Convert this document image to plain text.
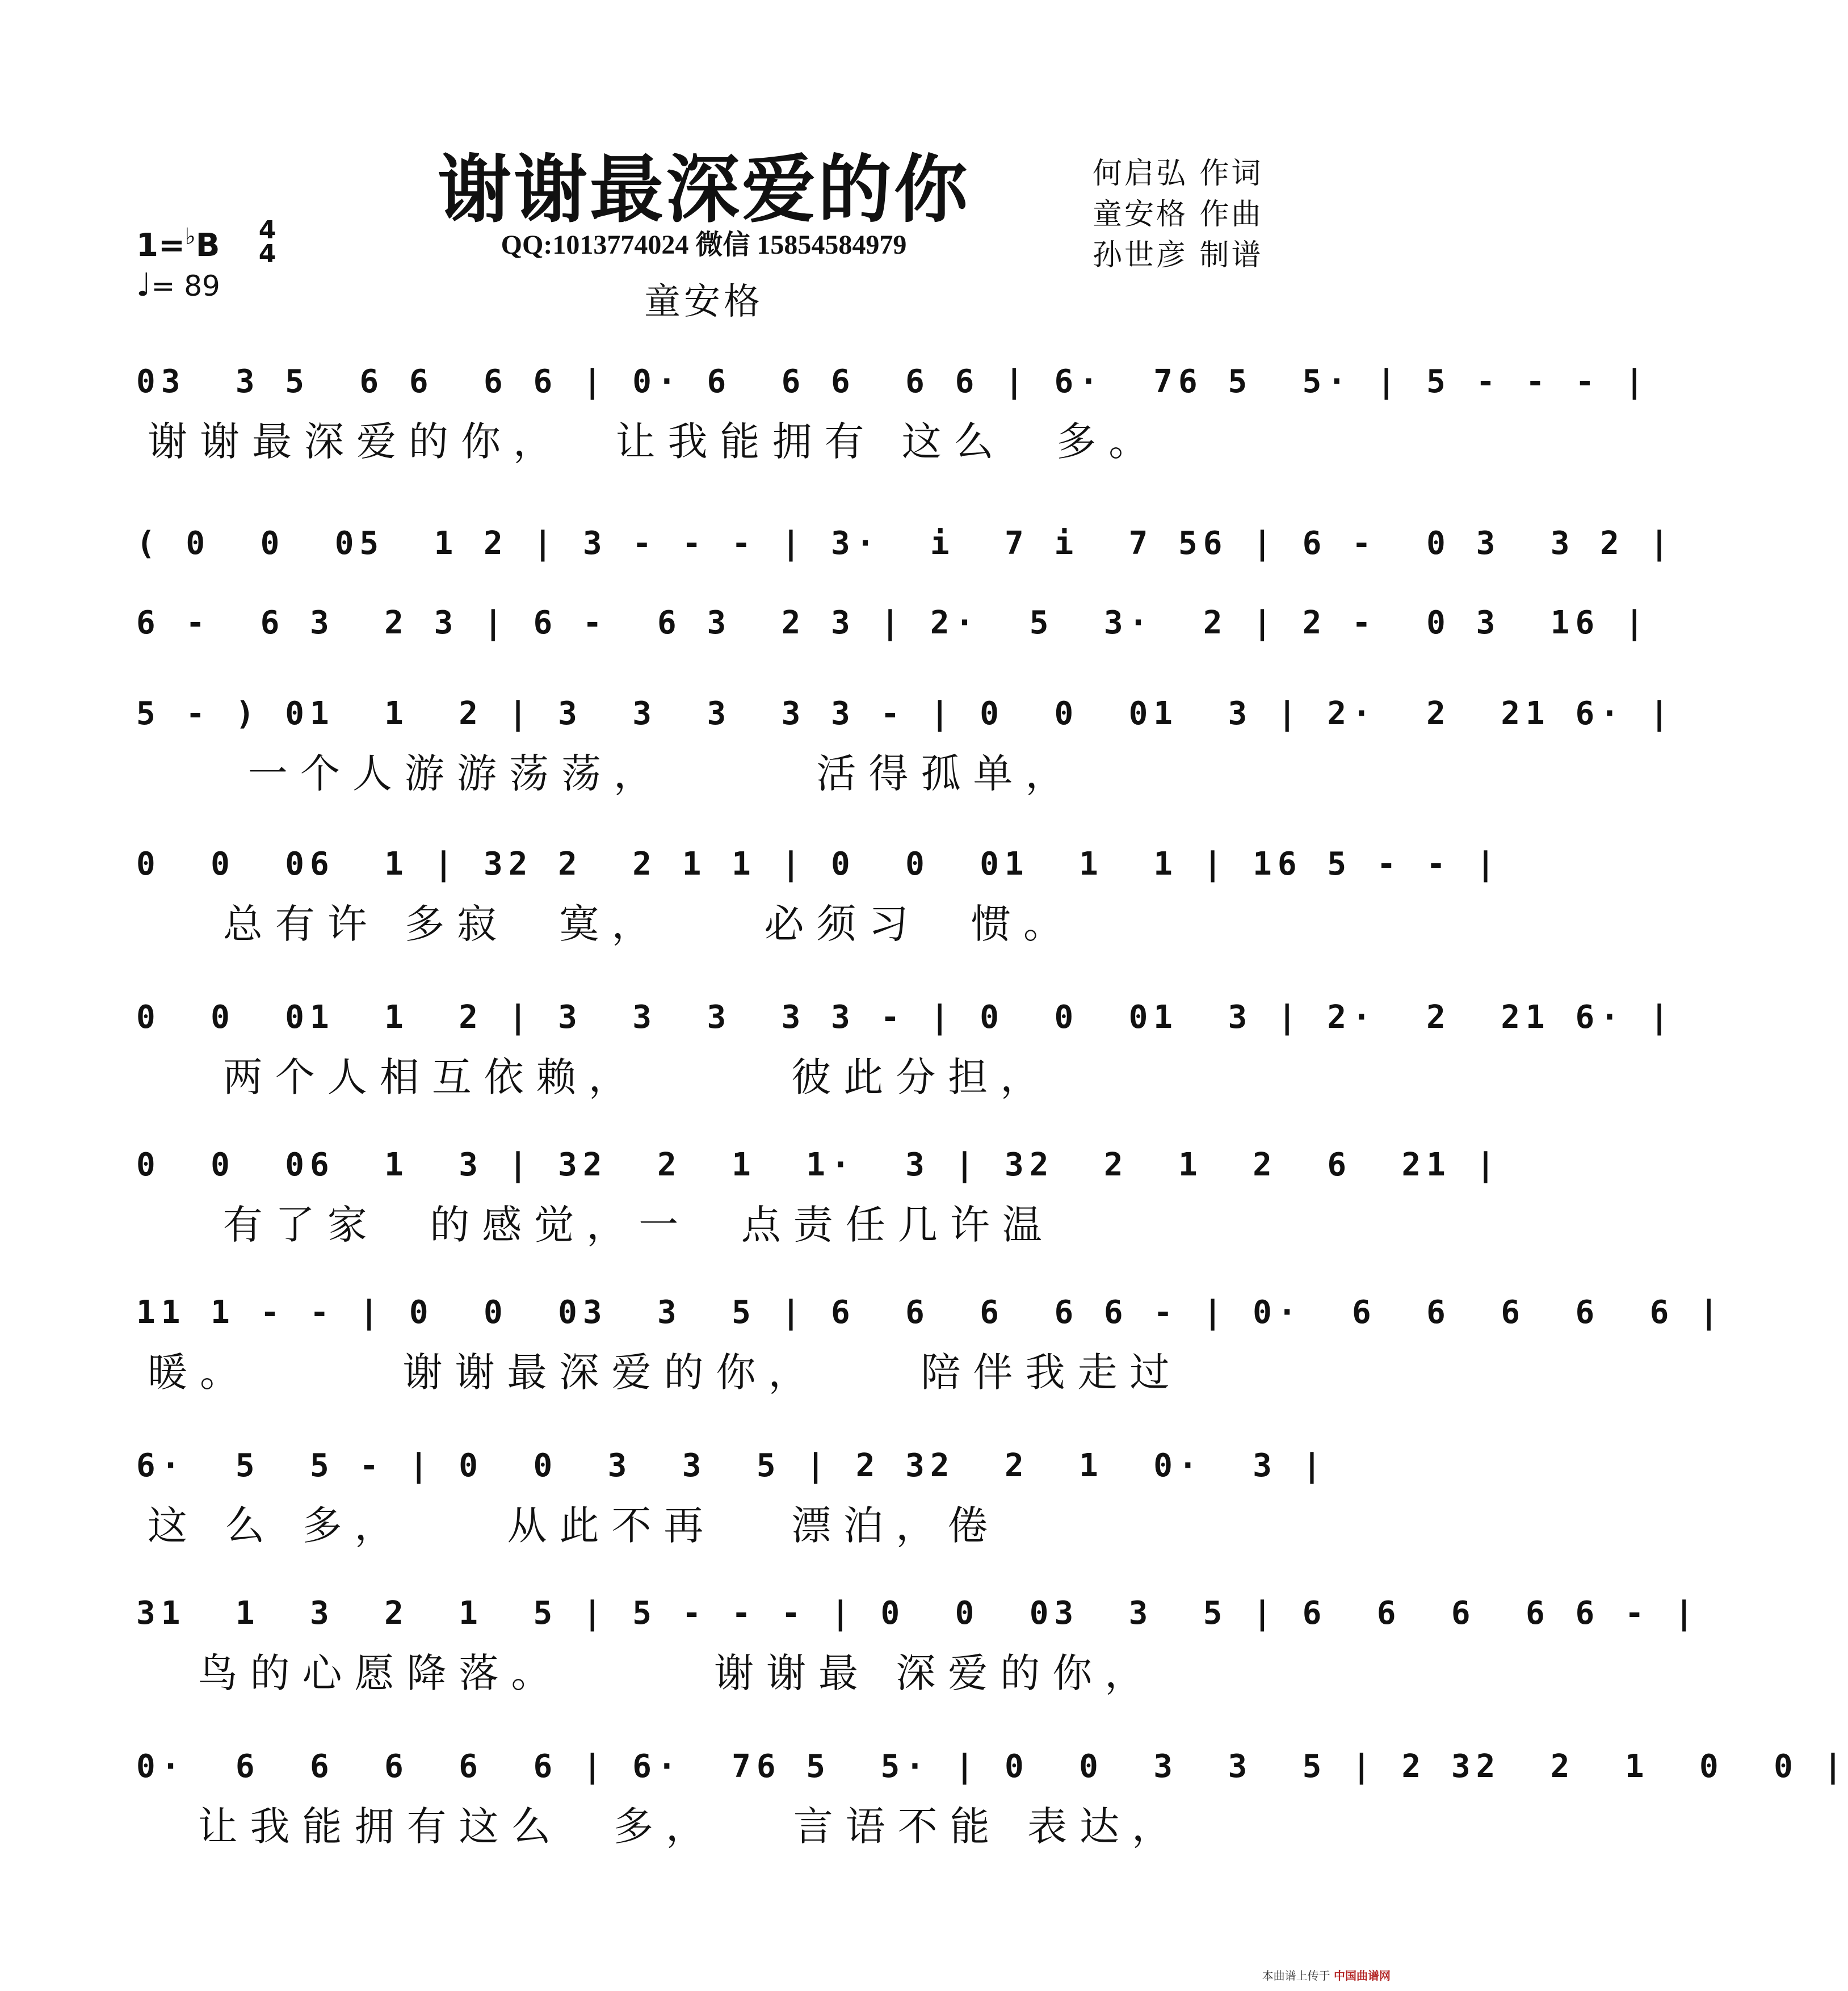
谢谢最深爱的你	何启弘 作词
童安格 作曲
孙世彦 制谱
QQ:1013774024 微信 15854584979
童安格
1=♭B 4
4
♩= 89
03  3 5  6 6  6 6 | 0· 6  6 6  6 6 | 6·  76 5  5· | 5 - - - |
谢谢最深爱的你，  让我能拥有 这么  多。
( 0  0  05  1 2 | 3 - - - | 3·  i  7 i  7 56 | 6 -  0 3  3 2 |
6 -  6 3  2 3 | 6 -  6 3  2 3 | 2·  5  3·  2 | 2 -  0 3  16 |
5 - ) 01  1  2 | 3  3  3  3 3 - | 0  0  01  3 | 2·  2  21 6· |
一个人游游荡荡，      活得孤单，
0  0  06  1 | 32 2  2 1 1 | 0  0  01  1  1 | 16 5 - - |
总有许 多寂  寞，    必须习  惯。
0  0  01  1  2 | 3  3  3  3 3 - | 0  0  01  3 | 2·  2  21 6· |
两个人相互依赖，      彼此分担，
0  0  06  1  3 | 32  2  1  1·  3 | 32  2  1  2  6  21 |
有了家  的感觉，一  点责任几许温
11 1 - - | 0  0  03  3  5 | 6  6  6  6 6 - | 0·  6  6  6  6  6 |
暖。      谢谢最深爱的你，    陪伴我走过
6·  5  5 - | 0  0  3  3  5 | 2 32  2  1  0·  3 |
这 么 多，    从此不再   漂泊，倦
31  1  3  2  1  5 | 5 - - - | 0  0  03  3  5 | 6  6  6  6 6 - |
鸟的心愿降落。      谢谢最 深爱的你，
0·  6  6  6  6  6 | 6·  76 5  5· | 0  0  3  3  5 | 2 32  2  1  0  0 |
让我能拥有这么  多，   言语不能 表达，
本曲谱上传于 中国曲谱网
